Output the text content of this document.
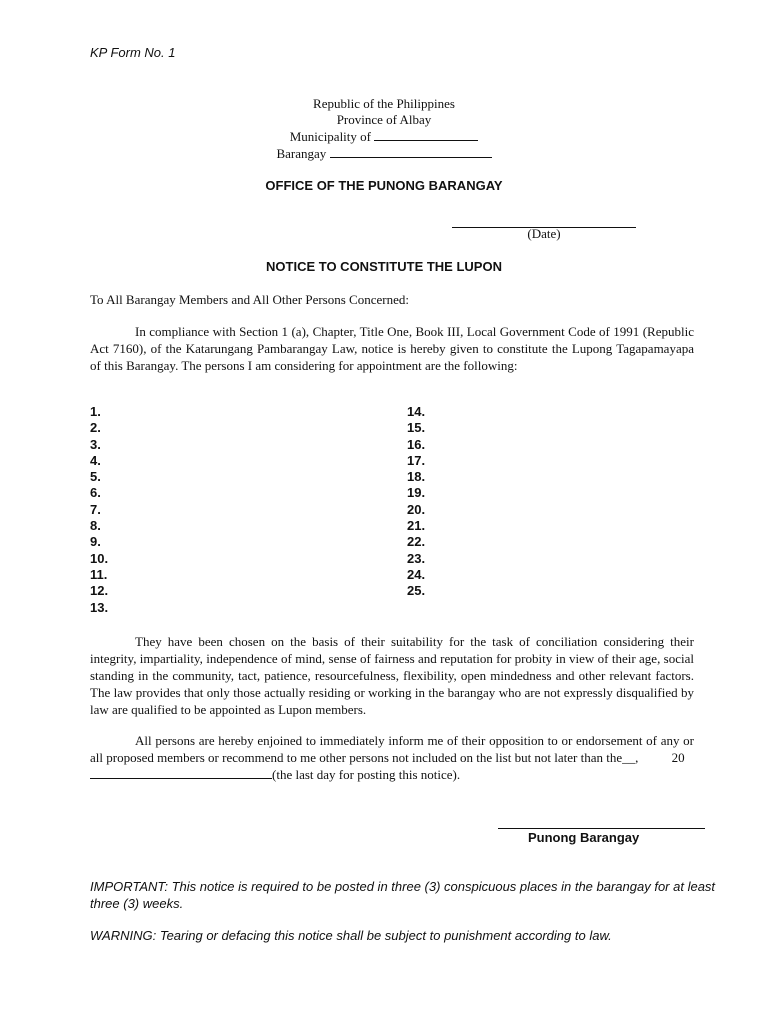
KP Form No. 1
Republic of the Philippines
Province of Albay
Municipality of
Barangay
OFFICE OF THE PUNONG BARANGAY
(Date)
NOTICE TO CONSTITUTE THE LUPON
To All Barangay Members and All Other Persons Concerned:
In compliance with Section 1 (a), Chapter, Title One, Book III, Local Government Code of 1991 (Republic Act 7160), of the Katarungang Pambarangay Law, notice is hereby given to constitute the Lupong Tagapamayapa of this Barangay. The persons I am considering for appointment are the following:
1.
2.
3.
4.
5.
6.
7.
8.
9.
10.
11.
12.
13.
14.
15.
16.
17.
18.
19.
20.
21.
22.
23.
24.
25.
They have been chosen on the basis of their suitability for the task of conciliation considering their integrity, impartiality, independence of mind, sense of fairness and reputation for probity in view of their age, social standing in the community, tact, patience, resourcefulness, flexibility, open mindedness and other relevant factors. The law provides that only those actually residing or working in the barangay who are not expressly disqualified by law are qualified to be appointed as Lupon members.
All persons are hereby enjoined to immediately inform me of their opposition to or endorsement of any or all proposed members or recommend to me other persons not included on the list but not later than the__,	20
(the last day for posting this notice).
Punong Barangay
IMPORTANT: This notice is required to be posted in three (3) conspicuous places in the barangay for at least three (3) weeks.
WARNING: Tearing or defacing this notice shall be subject to punishment according to law.
